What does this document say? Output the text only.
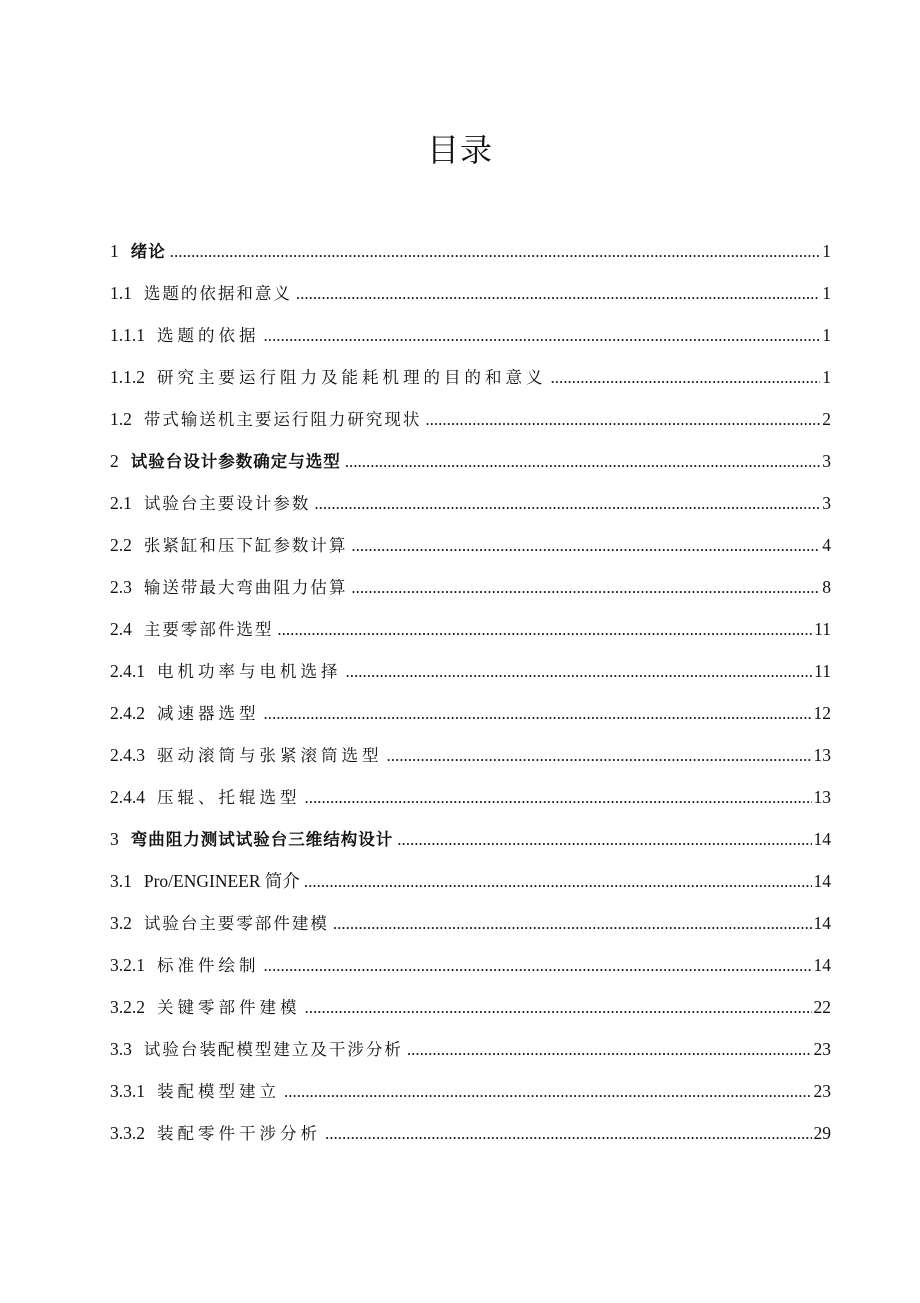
目录
1 绪论 .....	1
1.1 选题的依据和意义 .....	1
1.1.1 选题的依据 .....	1
1.1.2 研究主要运行阻力及能耗机理的目的和意义 .....	1
1.2 带式输送机主要运行阻力研究现状 .....	2
2 试验台设计参数确定与选型 .....	3
2.1 试验台主要设计参数 .....	3
2.2 张紧缸和压下缸参数计算 .....	4
2.3 输送带最大弯曲阻力估算 .....	8
2.4 主要零部件选型 .....	11
2.4.1 电机功率与电机选择 .....	11
2.4.2 减速器选型 .....	12
2.4.3 驱动滚筒与张紧滚筒选型 .....	13
2.4.4 压辊、托辊选型 .....	13
3 弯曲阻力测试试验台三维结构设计 .....	14
3.1 Pro/ENGINEER 简介 .....	14
3.2 试验台主要零部件建模 .....	14
3.2.1 标准件绘制 .....	14
3.2.2 关键零部件建模 .....	22
3.3 试验台装配模型建立及干涉分析 .....	23
3.3.1 装配模型建立 .....	23
3.3.2 装配零件干涉分析 .....	29
